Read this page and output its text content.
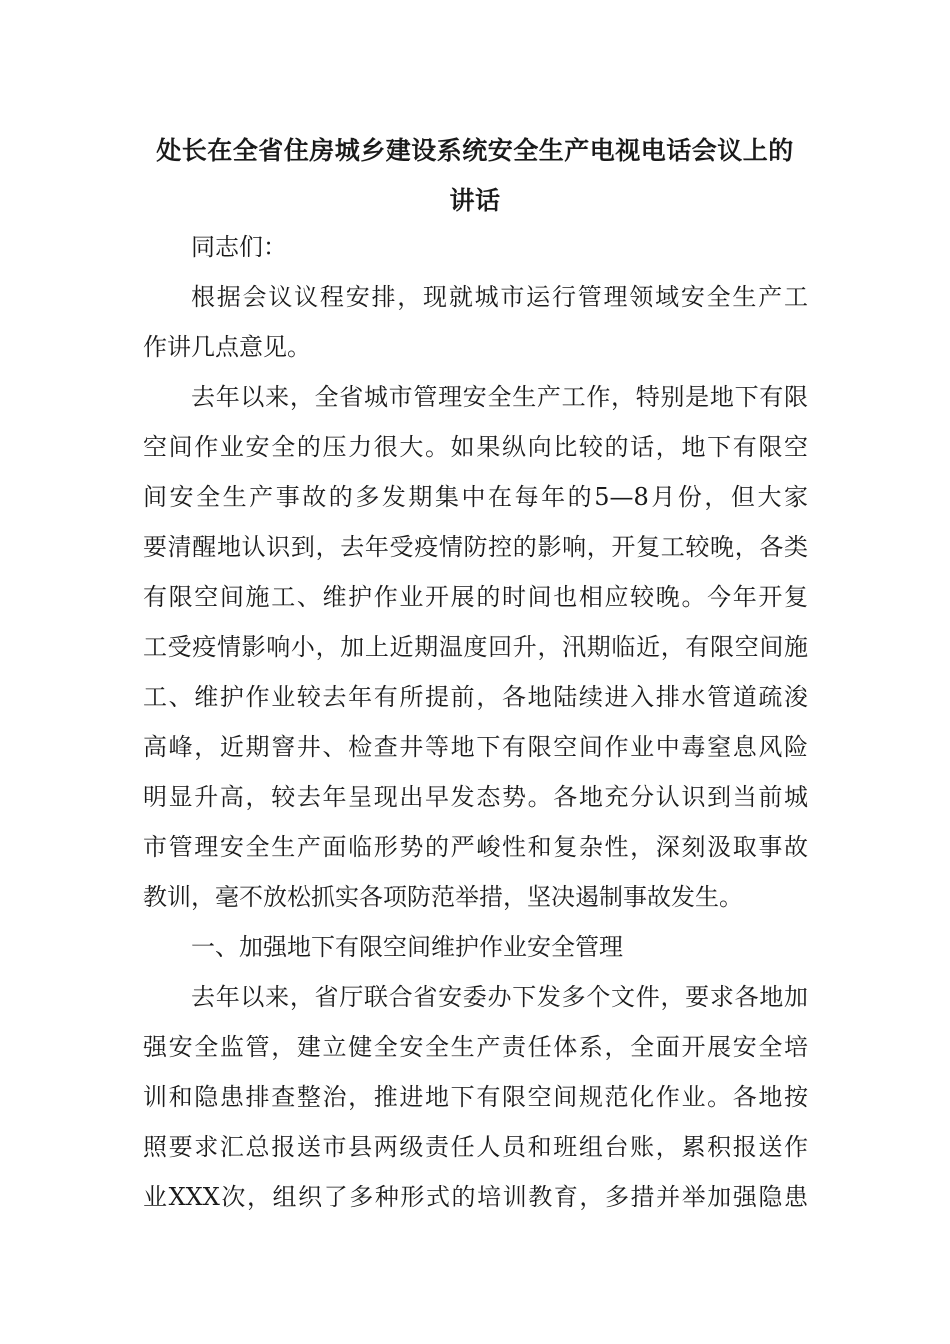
处长在全省住房城乡建设系统安全生产电视电话会议上的
讲话
同志们：
根据会议议程安排，现就城市运行管理领域安全生产工
作讲几点意见。
去年以来，全省城市管理安全生产工作，特别是地下有限
空间作业安全的压力很大。如果纵向比较的话，地下有限空
间安全生产事故的多发期集中在每年的5—8月份，但大家
要清醒地认识到，去年受疫情防控的影响，开复工较晚，各类
有限空间施工、维护作业开展的时间也相应较晚。今年开复
工受疫情影响小，加上近期温度回升，汛期临近，有限空间施
工、维护作业较去年有所提前，各地陆续进入排水管道疏浚
高峰，近期窨井、检查井等地下有限空间作业中毒窒息风险
明显升高，较去年呈现出早发态势。各地充分认识到当前城
市管理安全生产面临形势的严峻性和复杂性，深刻汲取事故
教训，毫不放松抓实各项防范举措，坚决遏制事故发生。
一、加强地下有限空间维护作业安全管理
去年以来，省厅联合省安委办下发多个文件，要求各地加
强安全监管，建立健全安全生产责任体系，全面开展安全培
训和隐患排查整治，推进地下有限空间规范化作业。各地按
照要求汇总报送市县两级责任人员和班组台账，累积报送作
业XXX次，组织了多种形式的培训教育，多措并举加强隐患
